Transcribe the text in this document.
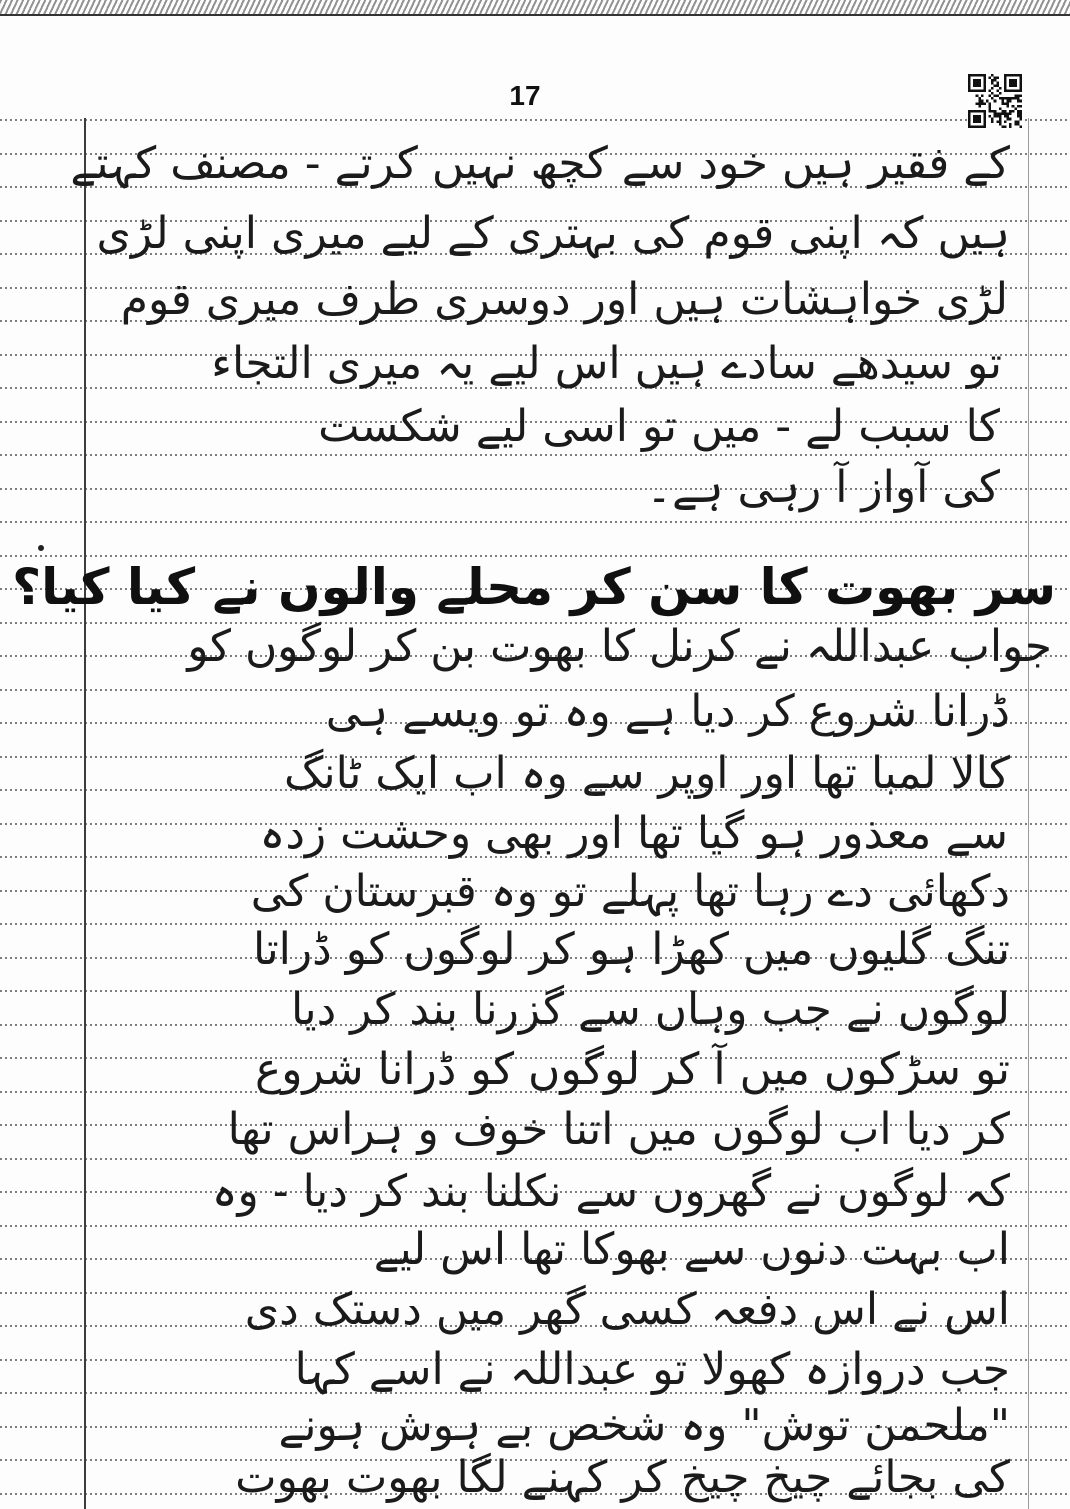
17
کے فقیر ہیں خود سے کچھ نہیں کرتے - مصنف کہتے
ہیں کہ اپنی قوم کی بہتری کے لیے میری اپنی لڑی
لڑی خواہشات ہیں اور دوسری طرف میری قوم
تو سیدھے سادے ہیں اس لیے یہ میری التجاء
کا سبب لے - میں تو اسی لیے شکست
کی آواز آ رہی ہے۔
سر بھوت کا سن کر محلے والوں نے کیا کیا؟
جواب عبداللہ نے کرنل کا بھوت بن کر لوگوں کو
ڈرانا شروع کر دیا ہے وہ تو ویسے ہی
کالا لمبا تھا اور اوپر سے وہ اب ایک ٹانگ
سے معذور ہو گیا تھا اور بھی وحشت زدہ
دکھائی دے رہا تھا پہلے تو وہ قبرستان کی
تنگ گلیوں میں کھڑا ہو کر لوگوں کو ڈراتا
لوگوں نے جب وہاں سے گزرنا بند کر دیا
تو سڑکوں میں آ کر لوگوں کو ڈرانا شروع
کر دیا اب لوگوں میں اتنا خوف و ہراس تھا
کہ لوگوں نے گھروں سے نکلنا بند کر دیا - وہ
اب بہت دنوں سے بھوکا تھا اس لیے
اس نے اس دفعہ کسی گھر میں دستک دی
جب دروازہ کھولا تو عبداللہ نے اسے کہا
"ملحمن توش" وہ شخص بے ہوش ہونے
کی بجائے چیخ چیخ کر کہنے لگا بھوت بھوت
